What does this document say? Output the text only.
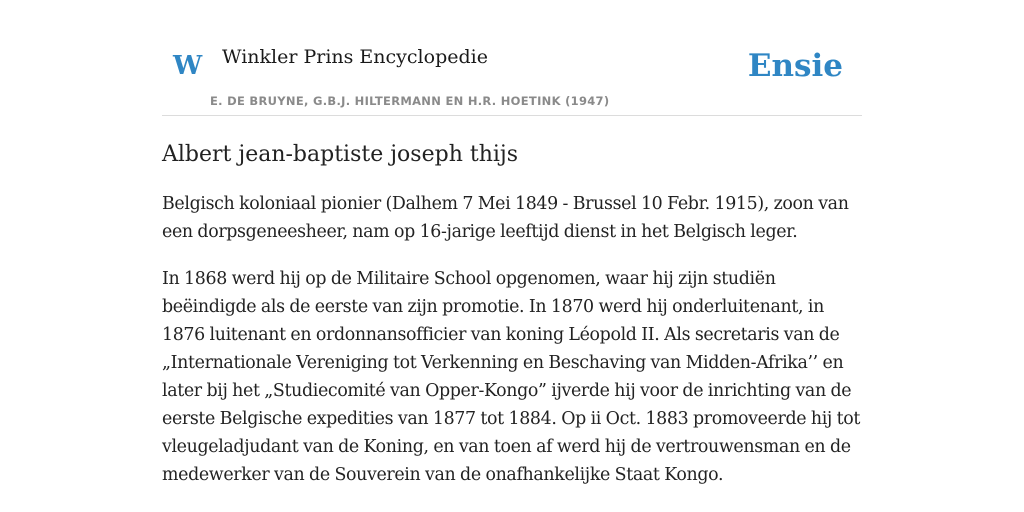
W Winkler Prins Encyclopedie
E. DE BRUYNE, G.B.J. HILTERMANN EN H.R. HOETINK (1947)
Ensie
Albert jean-baptiste joseph thijs

Belgisch koloniaal pionier (Dalhem 7 Mei 1849 - Brussel 10 Febr. 1915), zoon van een dorpsgeneesheer, nam op 16-jarige leeftijd dienst in het Belgisch leger.

In 1868 werd hij op de Militaire School opgenomen, waar hij zijn studiën beëindigde als de eerste van zijn promotie. In 1870 werd hij onderluitenant, in 1876 luitenant en ordonnansofficier van koning Léopold II. Als secretaris van de „Internationale Vereniging tot Verkenning en Beschaving van Midden-Afrika’’ en later bij het „Studiecomité van Opper-Kongo” ijverde hij voor de inrichting van de eerste Belgische expedities van 1877 tot 1884. Op ii Oct. 1883 promoveerde hij tot vleugeladjudant van de Koning, en van toen af werd hij de vertrouwensman en de medewerker van de Souverein van de onafhankelijke Staat Kongo.
